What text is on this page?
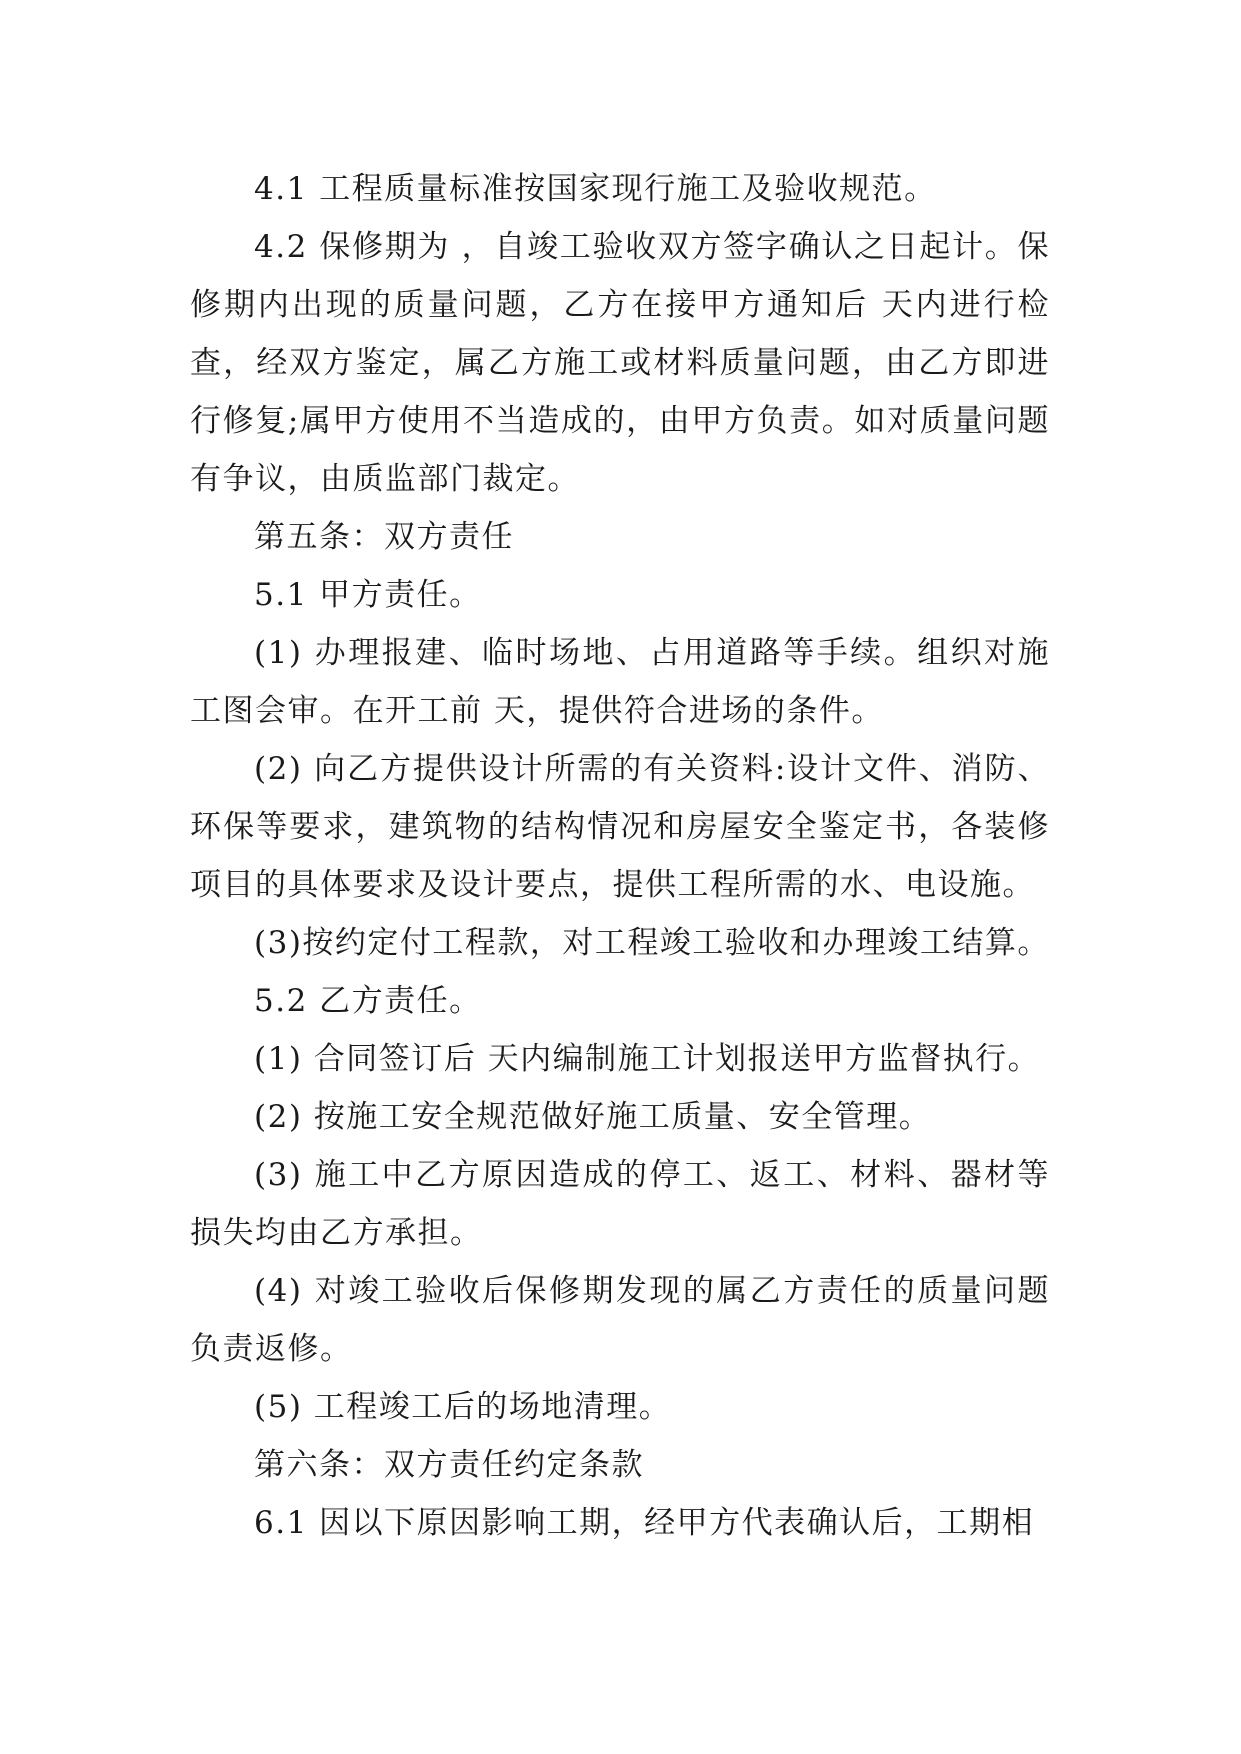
4.1 工程质量标准按国家现行施工及验收规范。

4.2 保修期为 ，自竣工验收双方签字确认之日起计。保修期内出现的质量问题，乙方在接甲方通知后 天内进行检查，经双方鉴定，属乙方施工或材料质量问题，由乙方即进行修复;属甲方使用不当造成的，由甲方负责。如对质量问题有争议，由质监部门裁定。

第五条：双方责任

5.1 甲方责任。

(1) 办理报建、临时场地、占用道路等手续。组织对施工图会审。在开工前 天，提供符合进场的条件。

(2) 向乙方提供设计所需的有关资料:设计文件、消防、环保等要求，建筑物的结构情况和房屋安全鉴定书，各装修项目的具体要求及设计要点，提供工程所需的水、电设施。

(3)按约定付工程款，对工程竣工验收和办理竣工结算。

5.2 乙方责任。

(1) 合同签订后 天内编制施工计划报送甲方监督执行。

(2) 按施工安全规范做好施工质量、安全管理。

(3) 施工中乙方原因造成的停工、返工、材料、器材等损失均由乙方承担。

(4) 对竣工验收后保修期发现的属乙方责任的质量问题负责返修。

(5) 工程竣工后的场地清理。

第六条：双方责任约定条款

6.1 因以下原因影响工期，经甲方代表确认后，工期相
